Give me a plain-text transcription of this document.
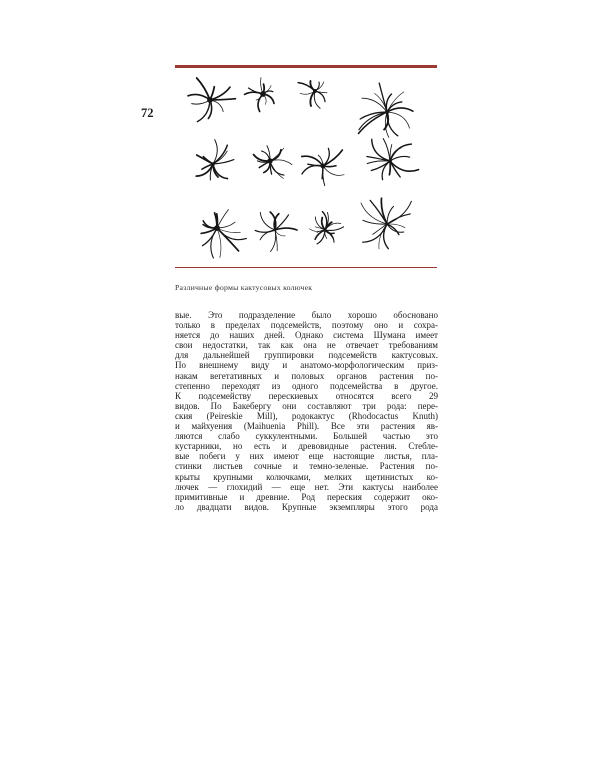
72
Различные формы кактусовых колючек
вые. Это подразделение было хорошо обосновано
только в пределах подсемейств, поэтому оно и сохра-
няется до наших дней. Однако система Шумана имеет
свои недостатки, так как она не отвечает требованиям
для дальнейшей группировки подсемейств кактусовых.
По внешнему виду и анатомо-морфологическим приз-
накам вегетативных и половых органов растения по-
степенно переходят из одного подсемейства в другое.
К подсемейству перескиевых относятся всего 29
видов. По Бакебергу они составляют три рода: пере-
ския (Peireskie Mill), родокактус (Rhodocactus Knuth)
и майхуения (Maihuenia Phill). Все эти растения яв-
ляются слабо суккулентными. Большей частью это
кустарники, но есть и древовидные растения. Стебле-
вые побеги у них имеют еще настоящие листья, пла-
стинки листьев сочные и темно-зеленые. Растения по-
крыты крупными колючками, мелких щетинистых ко-
лючек — глохидий — еще нет. Эти кактусы наиболее
примитивные и древние. Род переския содержит око-
ло двадцати видов. Крупные экземпляры этого рода
